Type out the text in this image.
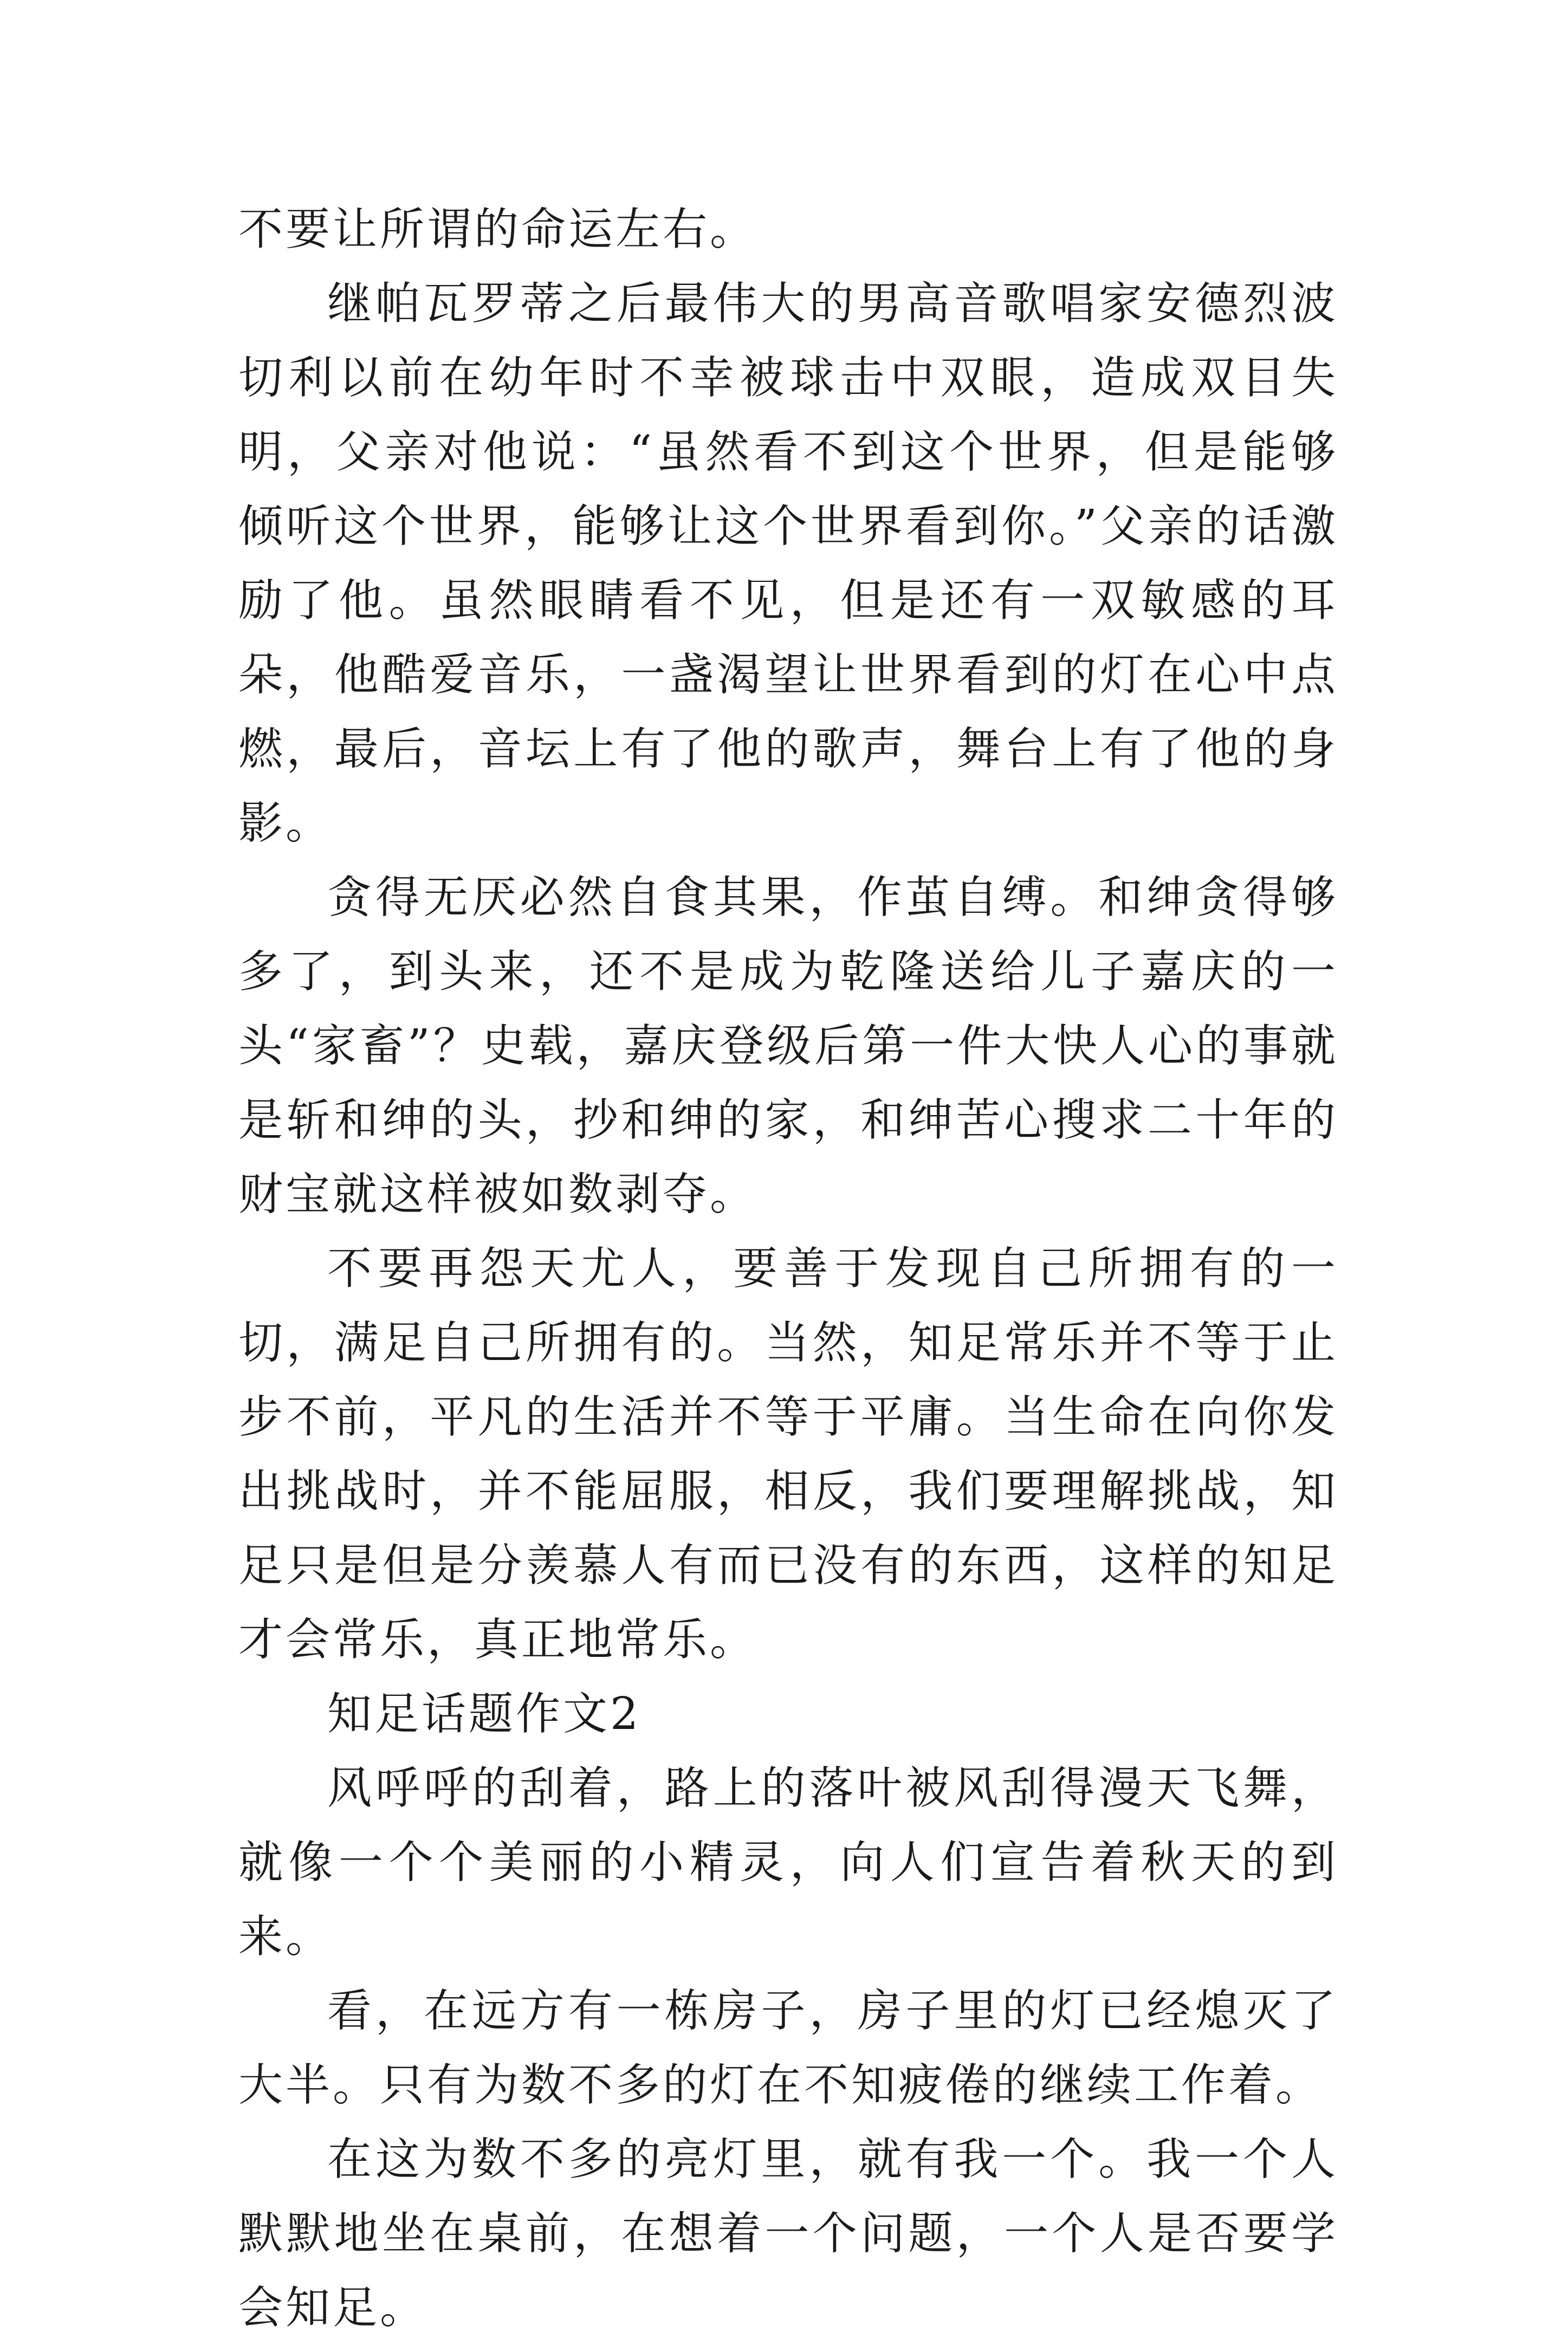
不要让所谓的命运左右。

继帕瓦罗蒂之后最伟大的男高音歌唱家安德烈波切利以前在幼年时不幸被球击中双眼，造成双目失明，父亲对他说：“虽然看不到这个世界，但是能够倾听这个世界，能够让这个世界看到你。”父亲的话激励了他。虽然眼睛看不见，但是还有一双敏感的耳朵，他酷爱音乐，一盏渴望让世界看到的灯在心中点燃，最后，音坛上有了他的歌声，舞台上有了他的身影。

贪得无厌必然自食其果，作茧自缚。和绅贪得够多了，到头来，还不是成为乾隆送给儿子嘉庆的一头“家畜”？史载，嘉庆登级后第一件大快人心的事就是斩和绅的头，抄和绅的家，和绅苦心搜求二十年的财宝就这样被如数剥夺。

不要再怨天尤人，要善于发现自己所拥有的一切，满足自己所拥有的。当然，知足常乐并不等于止步不前，平凡的生活并不等于平庸。当生命在向你发出挑战时，并不能屈服，相反，我们要理解挑战，知足只是但是分羡慕人有而已没有的东西，这样的知足才会常乐，真正地常乐。

知足话题作文2

风呼呼的刮着，路上的落叶被风刮得漫天飞舞，就像一个个美丽的小精灵，向人们宣告着秋天的到来。

看，在远方有一栋房子，房子里的灯已经熄灭了大半。只有为数不多的灯在不知疲倦的继续工作着。

在这为数不多的亮灯里，就有我一个。我一个人默默地坐在桌前，在想着一个问题，一个人是否要学会知足。
